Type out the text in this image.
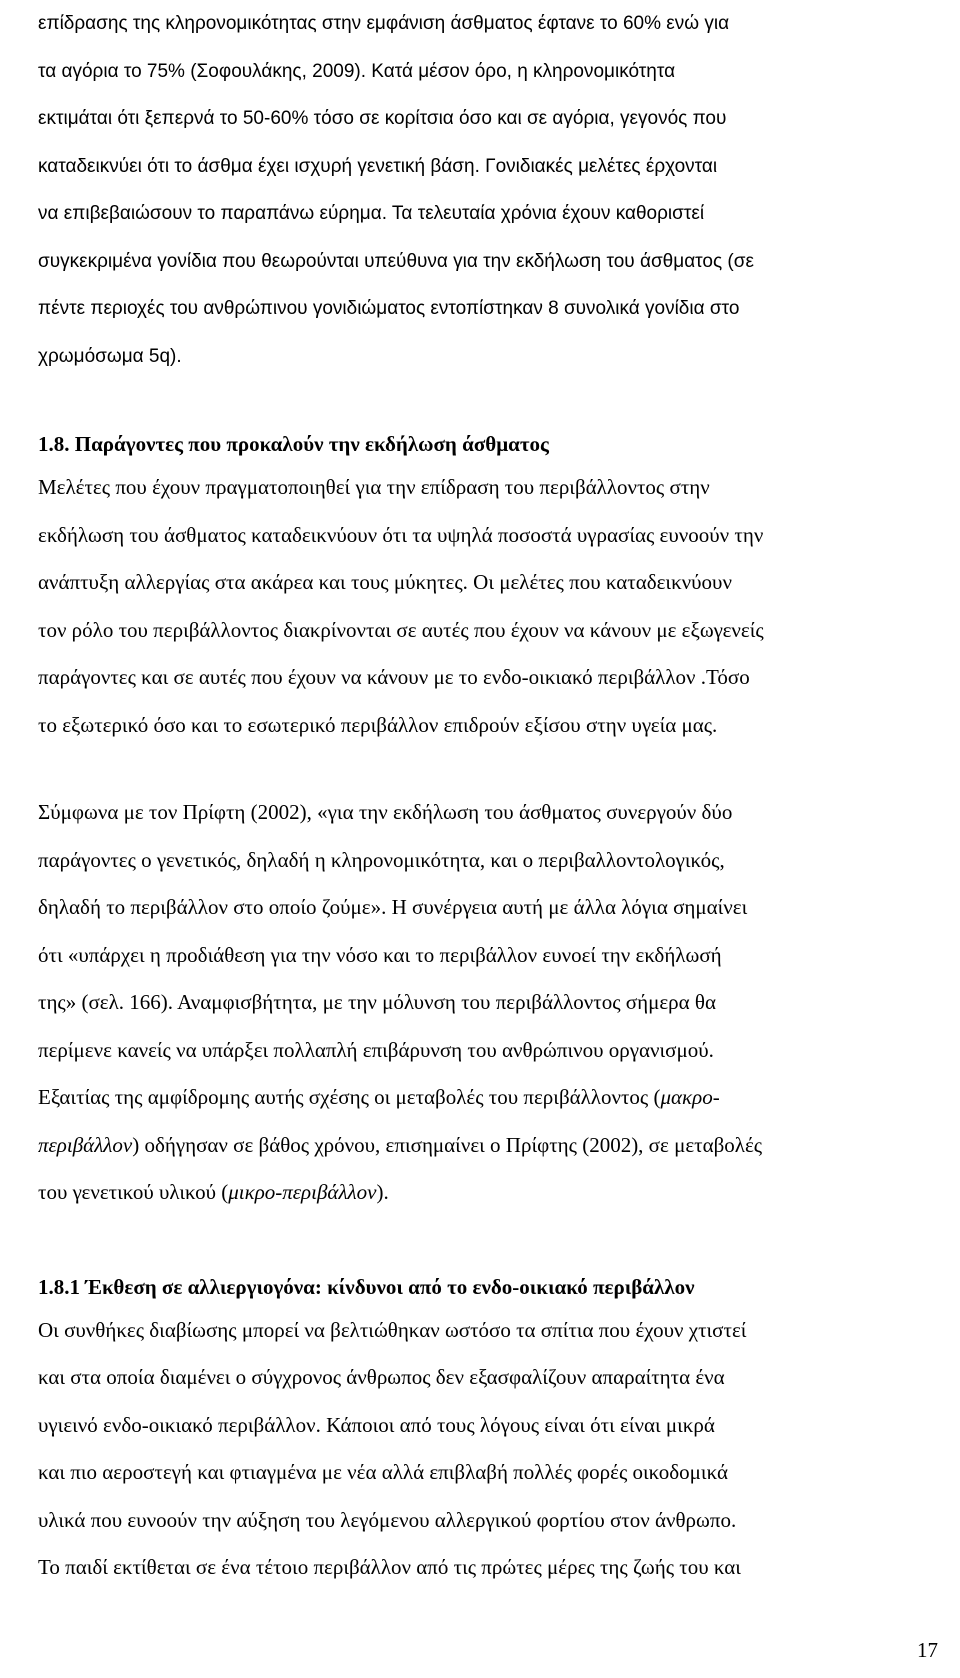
επίδρασης της κληρονομικότητας στην εμφάνιση άσθματος έφτανε το 60% ενώ για
τα αγόρια το 75% (Σοφουλάκης, 2009). Κατά μέσον όρο, η κληρονομικότητα
εκτιμάται ότι ξεπερνά το 50-60% τόσο σε κορίτσια όσο και σε αγόρια, γεγονός που
καταδεικνύει ότι το άσθμα έχει ισχυρή γενετική βάση. Γονιδιακές μελέτες έρχονται
να επιβεβαιώσουν το παραπάνω εύρημα. Τα τελευταία χρόνια έχουν καθοριστεί
συγκεκριμένα γονίδια που θεωρούνται υπεύθυνα για την εκδήλωση του άσθματος (σε
πέντε περιοχές του ανθρώπινου γονιδιώματος εντοπίστηκαν 8 συνολικά γονίδια στο
χρωμόσωμα 5q).
1.8. Παράγοντες που προκαλούν την εκδήλωση άσθματος
Μελέτες που έχουν πραγματοποιηθεί για την επίδραση του περιβάλλοντος στην
εκδήλωση του άσθματος καταδεικνύουν ότι τα υψηλά ποσοστά υγρασίας ευνοούν την
ανάπτυξη αλλεργίας στα ακάρεα και τους μύκητες. Οι μελέτες που καταδεικνύουν
τον ρόλο του περιβάλλοντος διακρίνονται σε αυτές που έχουν να κάνουν με εξωγενείς
παράγοντες και σε αυτές που έχουν να κάνουν με το ενδο-οικιακό περιβάλλον .Τόσο
το εξωτερικό όσο και το εσωτερικό περιβάλλον επιδρούν εξίσου στην υγεία μας.
Σύμφωνα με τον Πρίφτη (2002), «για την εκδήλωση του άσθματος συνεργούν δύο
παράγοντες ο γενετικός, δηλαδή η κληρονομικότητα, και ο περιβαλλοντολογικός,
δηλαδή το περιβάλλον στο οποίο ζούμε». Η συνέργεια αυτή με άλλα λόγια σημαίνει
ότι «υπάρχει η προδιάθεση για την νόσο και το περιβάλλον ευνοεί την εκδήλωσή
της» (σελ. 166). Αναμφισβήτητα, με την μόλυνση του περιβάλλοντος σήμερα θα
περίμενε κανείς να υπάρξει πολλαπλή επιβάρυνση του ανθρώπινου οργανισμού.
Εξαιτίας της αμφίδρομης αυτής σχέσης οι μεταβολές του περιβάλλοντος (μακρο-
περιβάλλον) οδήγησαν σε βάθος χρόνου, επισημαίνει ο Πρίφτης (2002), σε μεταβολές
του γενετικού υλικού (μικρο-περιβάλλον).
1.8.1 Έκθεση σε αλλιεργιογόνα: κίνδυνοι από το ενδο-οικιακό περιβάλλον
Οι συνθήκες διαβίωσης μπορεί να βελτιώθηκαν ωστόσο τα σπίτια που έχουν χτιστεί
και στα οποία διαμένει ο σύγχρονος άνθρωπος δεν εξασφαλίζουν απαραίτητα ένα
υγιεινό ενδο-οικιακό περιβάλλον. Κάποιοι από τους λόγους είναι ότι είναι μικρά
και πιο αεροστεγή και φτιαγμένα με νέα αλλά επιβλαβή πολλές φορές οικοδομικά
υλικά που ευνοούν την αύξηση του λεγόμενου αλλεργικού φορτίου στον άνθρωπο.
Το παιδί εκτίθεται σε ένα τέτοιο περιβάλλον από τις πρώτες μέρες της ζωής του και
17
